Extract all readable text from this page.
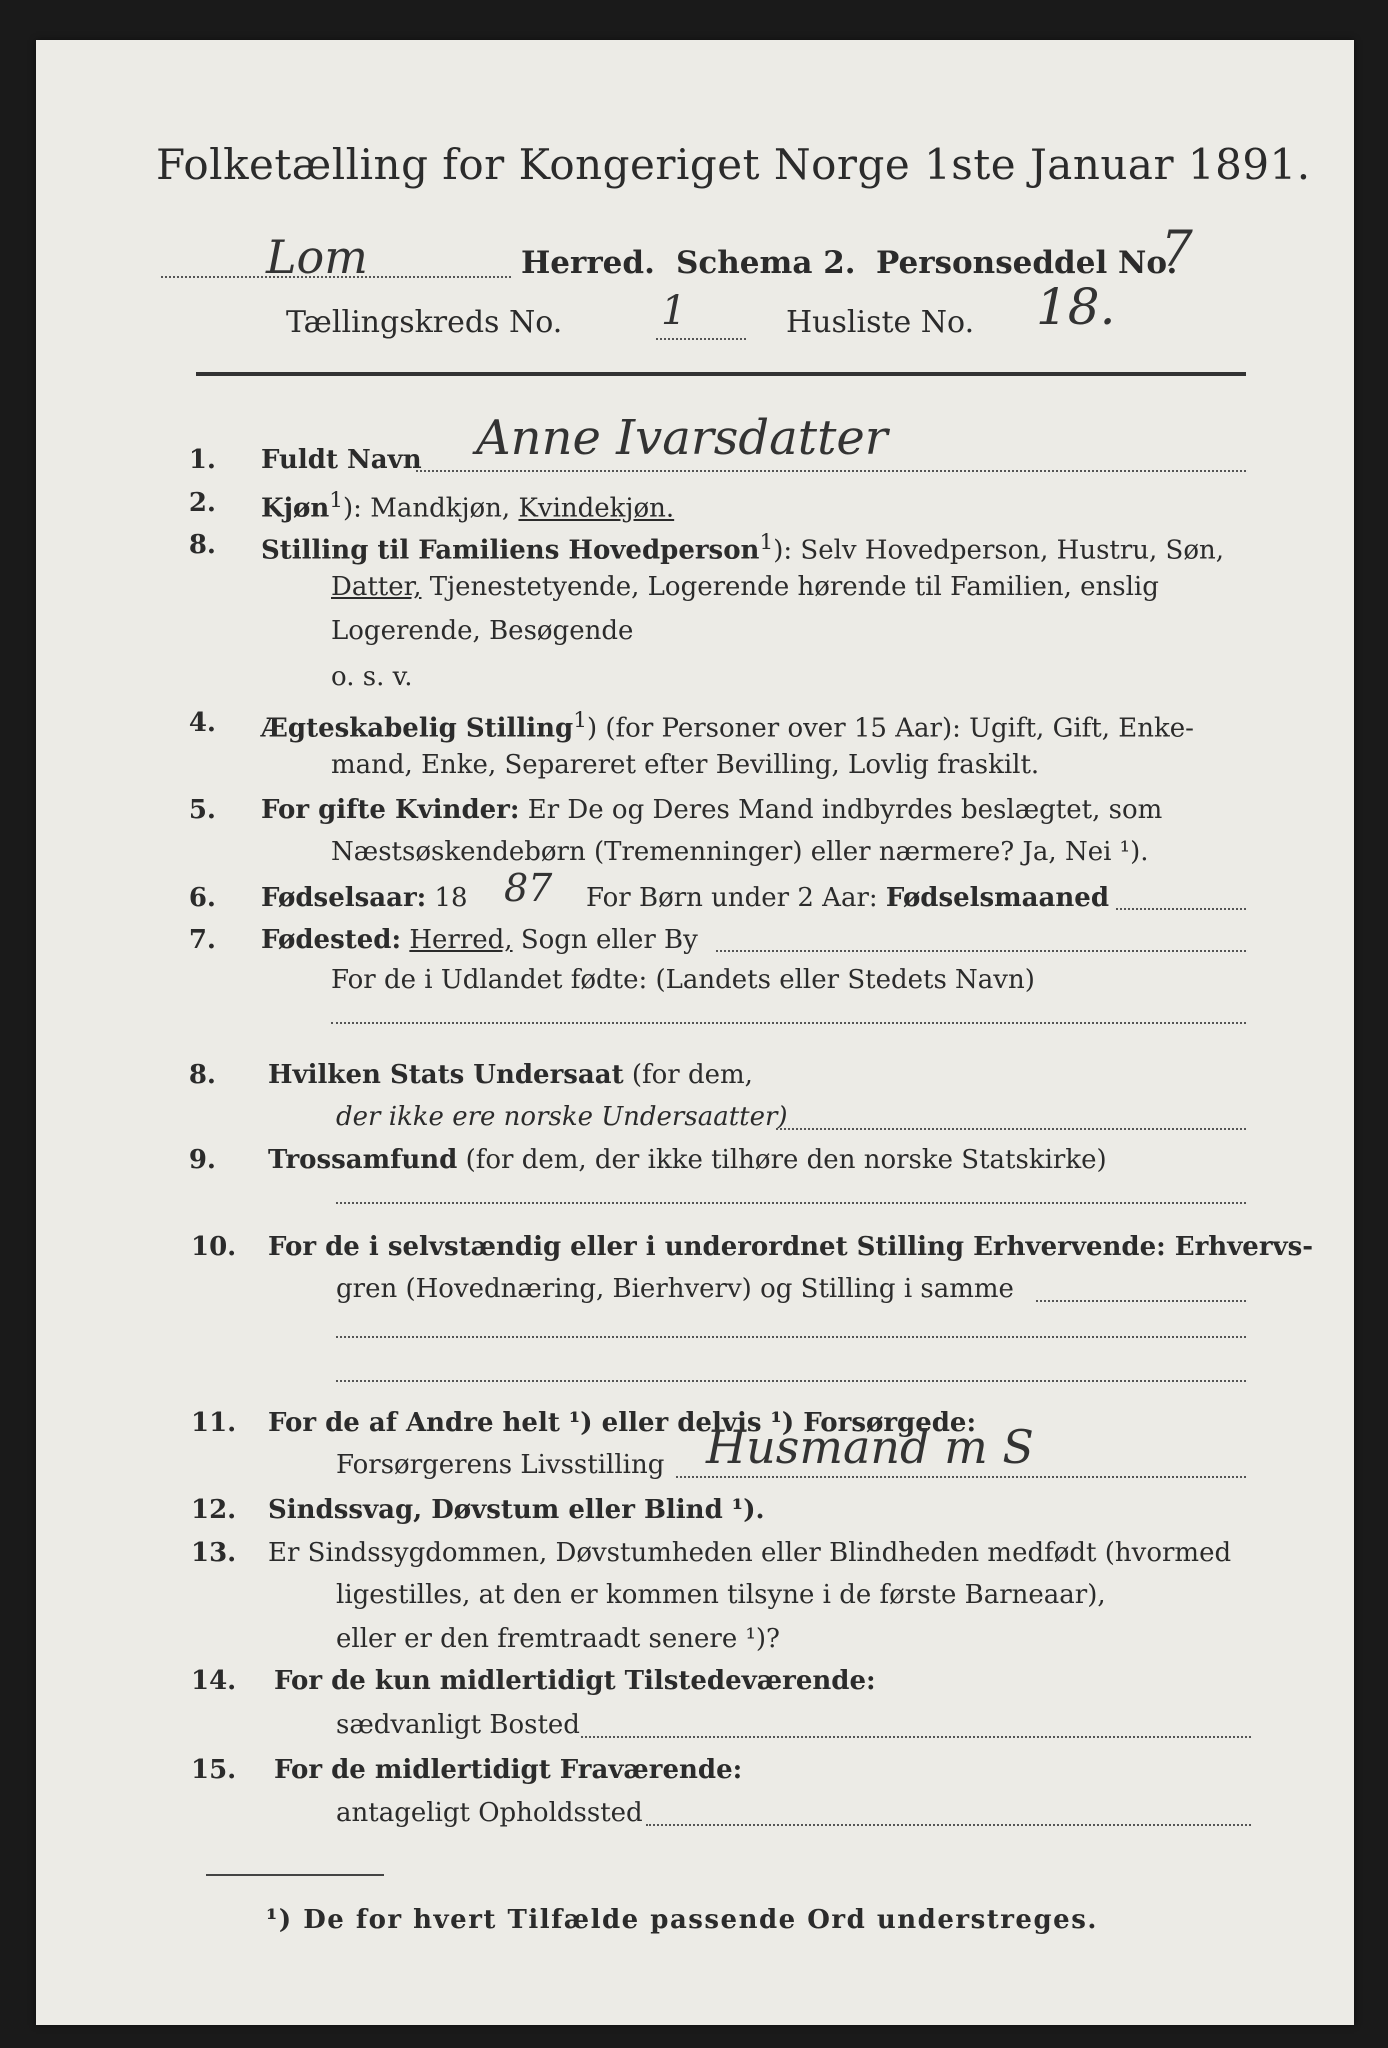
Folketælling for Kongeriget Norge 1ste Januar 1891.
Lom	Herred. Schema 2. Personseddel No.
7
Tællingskreds No. 1	Husliste No. 18.
1. Fuldt Navn Anne Ivarsdatter
2. Kjøn$^1$): Mandkjøn, Kvindekjøn.
8. Stilling til Familiens Hovedperson$^1$): Selv Hovedperson, Hustru, Søn,
Datter, Tjenestetyende, Logerende hørende til Familien, enslig
Logerende, Besøgende
o. s. v.
4. Ægteskabelig Stilling$^1$) (for Personer over 15 Aar): Ugift, Gift, Enke-
mand, Enke, Separeret efter Bevilling, Lovlig fraskilt.
5. For gifte Kvinder: Er De og Deres Mand indbyrdes beslægtet, som
Næstsøskendebørn (Tremenninger) eller nærmere? Ja, Nei ¹).
6. Fødselsaar: 18 87 For Børn under 2 Aar: Fødselsmaaned
7. Fødested: Herred, Sogn eller By
For de i Udlandet fødte: (Landets eller Stedets Navn)
8. Hvilken Stats Undersaat (for dem,
der ikke ere norske Undersaatter)
9. Trossamfund (for dem, der ikke tilhøre den norske Statskirke)
10. For de i selvstændig eller i underordnet Stilling Erhvervende: Erhvervs-
gren (Hovednæring, Bierhverv) og Stilling i samme
11. For de af Andre helt ¹) eller delvis ¹) Forsørgede:
Forsørgerens Livsstilling Husmand m S
12. Sindssvag, Døvstum eller Blind ¹).
13. Er Sindssygdommen, Døvstumheden eller Blindheden medfødt (hvormed
ligestilles, at den er kommen tilsyne i de første Barneaar),
eller er den fremtraadt senere ¹)?
14. For de kun midlertidigt Tilstedeværende:
sædvanligt Bosted
15. For de midlertidigt Fraværende:
antageligt Opholdssted
¹) De for hvert Tilfælde passende Ord understreges.
